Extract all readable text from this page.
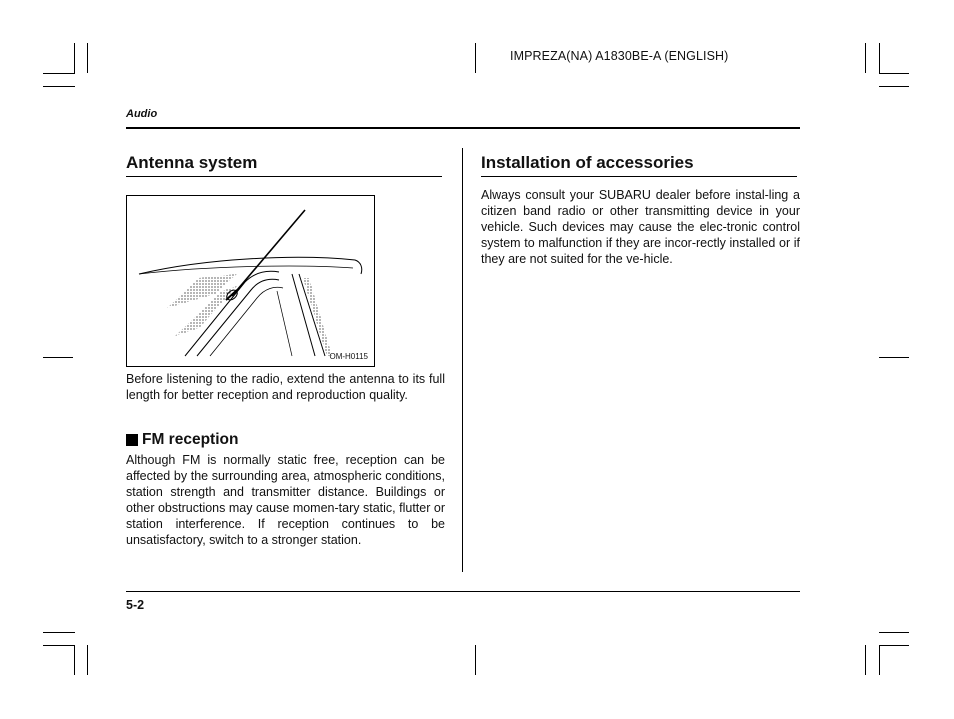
IMPREZA(NA) A1830BE-A (ENGLISH)
Audio
Antenna system
OM-H0115
Before listening to the radio, extend the antenna to its full length for better reception and reproduction quality.
FM reception
Although FM is normally static free, reception can be affected by the surrounding area, atmospheric conditions, station strength and transmitter distance. Buildings or other obstructions may cause momen-tary static, flutter or station interference. If reception continues to be unsatisfactory, switch to a stronger station.
Installation of accessories
Always consult your SUBARU dealer before instal-ling a citizen band radio or other transmitting device in your vehicle. Such devices may cause the elec-tronic control system to malfunction if they are incor-rectly installed or if they are not suited for the ve-hicle.
5-2
